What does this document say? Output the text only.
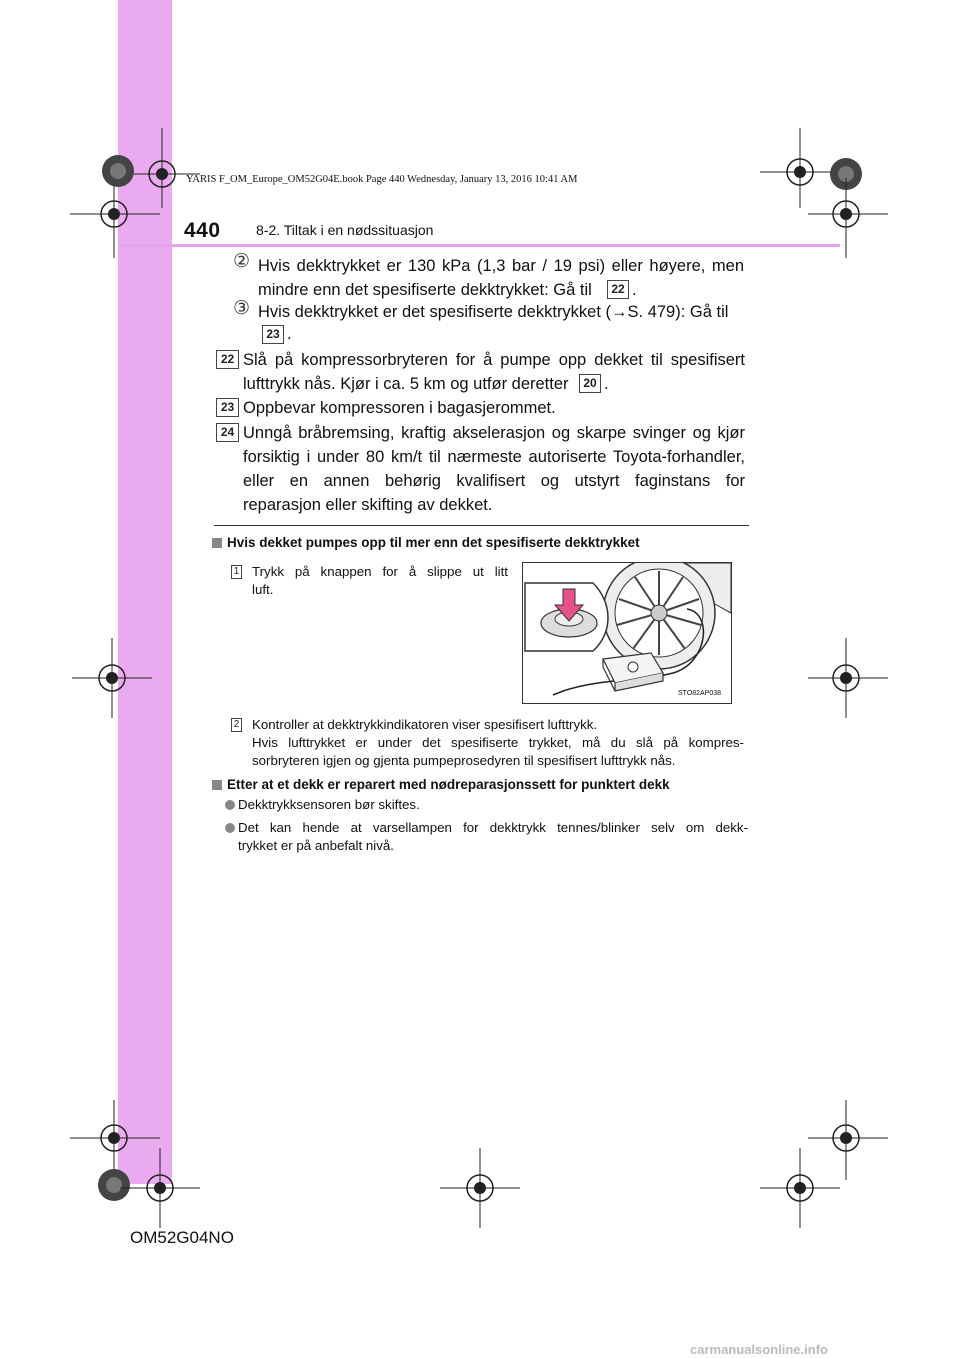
YARIS F_OM_Europe_OM52G04E.book Page 440 Wednesday, January 13, 2016 10:41 AM
440	8-2. Tiltak i en nødssituasjon
② Hvis dekktrykket er 130 kPa (1,3 bar / 19 psi) eller høyere, men
mindre enn det spesifiserte dekktrykket: Gå til	22 .
③ Hvis dekktrykket er det spesifiserte dekktrykket (→S. 479): Gå til
23 .
22 Slå på kompressorbryteren for å pumpe opp dekket til spesifisert
lufttrykk nås. Kjør i ca. 5 km og utfør deretter	20 .
23 Oppbevar kompressoren i bagasjerommet.
24 Unngå bråbremsing, kraftig akselerasjon og skarpe svinger og kjør
forsiktig i under 80 km/t til nærmeste autoriserte Toyota-forhandler,
eller en annen behørig kvalifisert og utstyrt faginstans for
reparasjon eller skifting av dekket.
Hvis dekket pumpes opp til mer enn det spesifiserte dekktrykket
1 Trykk på knappen for å slippe ut litt
luft.
STO82AP038
2 Kontroller at dekktrykkindikatoren viser spesifisert lufttrykk.
Hvis lufttrykket er under det spesifiserte trykket, må du slå på kompres-
sorbryteren igjen og gjenta pumpeprosedyren til spesifisert lufttrykk nås.
Etter at et dekk er reparert med nødreparasjonssett for punktert dekk
Dekktrykksensoren bør skiftes.
Det kan hende at varsellampen for dekktrykk tennes/blinker selv om dekk-
trykket er på anbefalt nivå.
OM52G04NO
carmanualsonline.info
